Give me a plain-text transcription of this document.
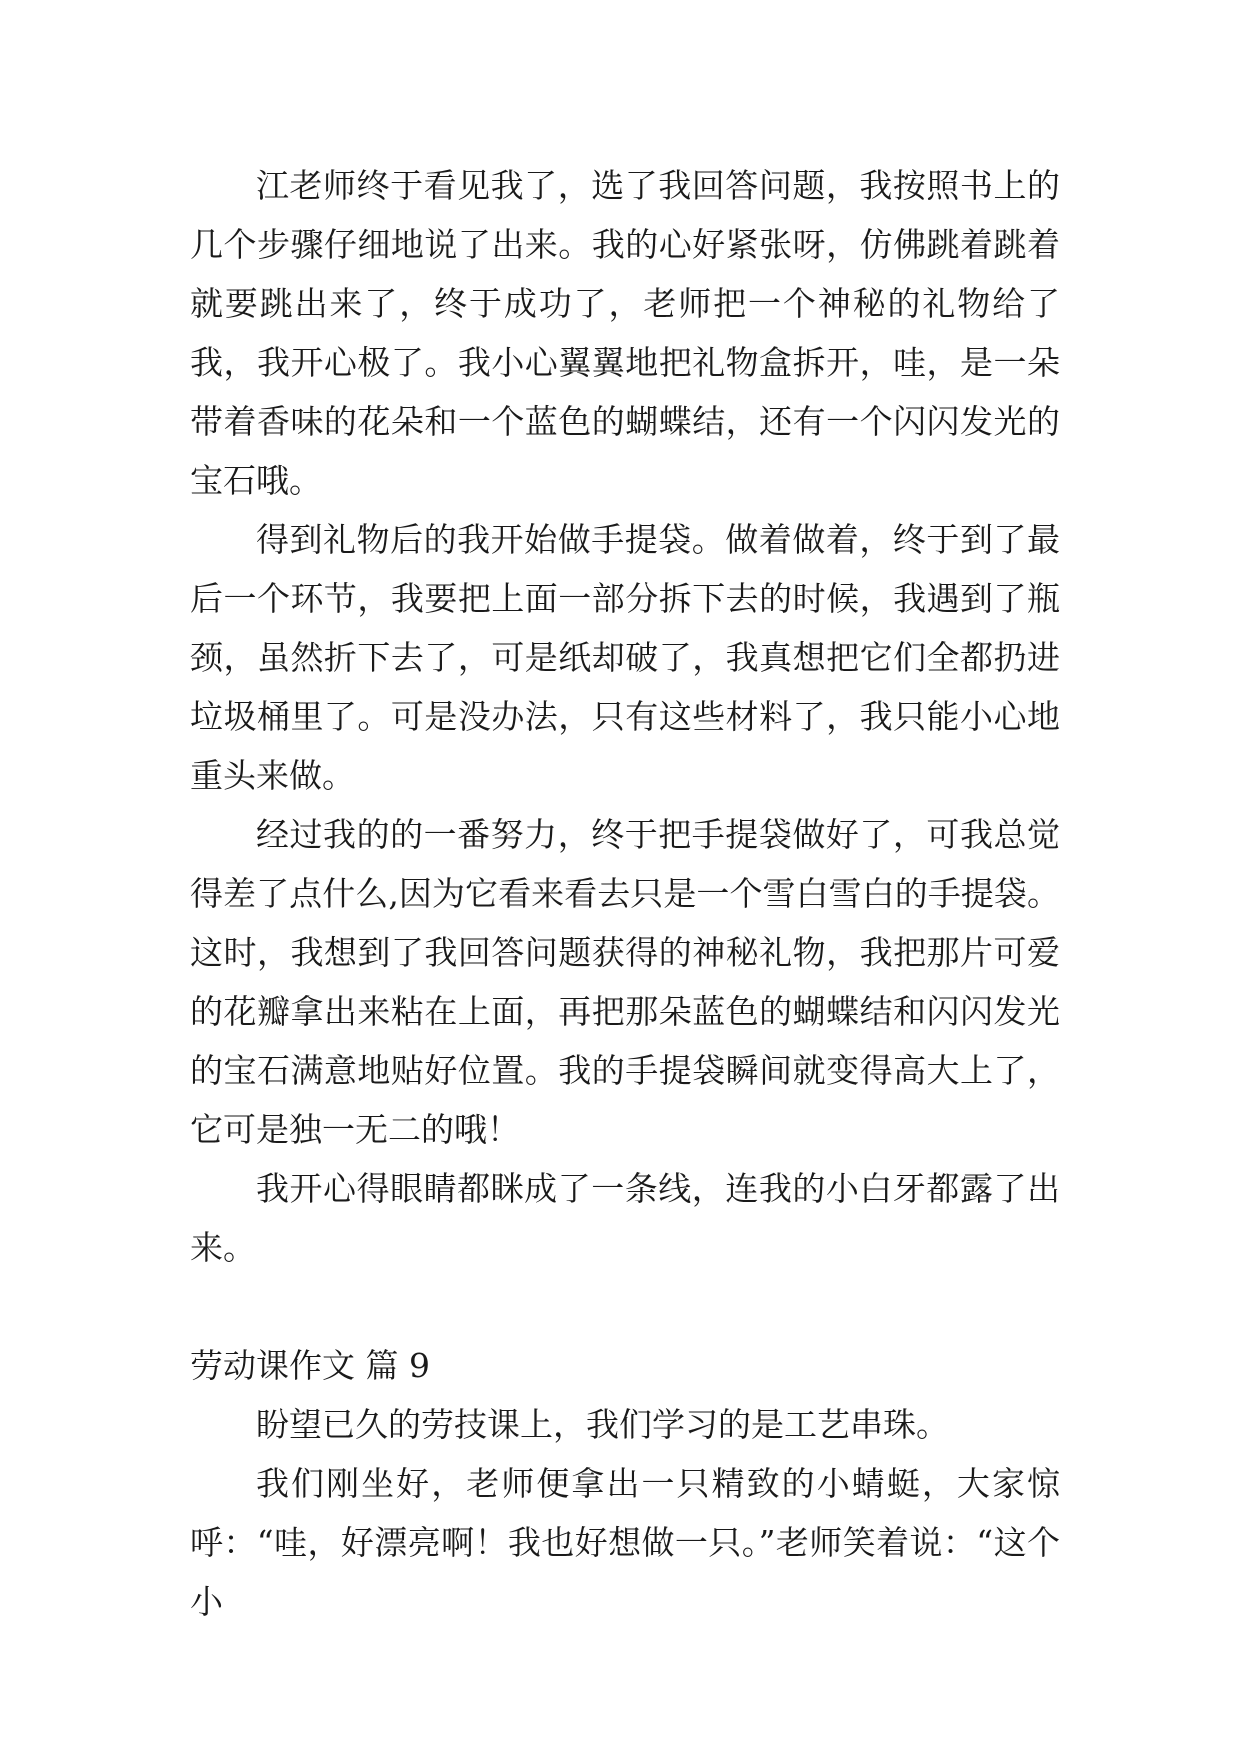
江老师终于看见我了，选了我回答问题，我按照书上的几个步骤仔细地说了出来。我的心好紧张呀，仿佛跳着跳着就要跳出来了，终于成功了，老师把一个神秘的礼物给了我，我开心极了。我小心翼翼地把礼物盒拆开，哇，是一朵带着香味的花朵和一个蓝色的蝴蝶结，还有一个闪闪发光的宝石哦。

得到礼物后的我开始做手提袋。做着做着，终于到了最后一个环节，我要把上面一部分拆下去的时候，我遇到了瓶颈，虽然折下去了，可是纸却破了，我真想把它们全都扔进垃圾桶里了。可是没办法，只有这些材料了，我只能小心地重头来做。

经过我的的一番努力，终于把手提袋做好了，可我总觉得差了点什么,因为它看来看去只是一个雪白雪白的手提袋。这时，我想到了我回答问题获得的神秘礼物，我把那片可爱的花瓣拿出来粘在上面，再把那朵蓝色的蝴蝶结和闪闪发光的宝石满意地贴好位置。我的手提袋瞬间就变得高大上了，它可是独一无二的哦！

我开心得眼睛都眯成了一条线，连我的小白牙都露了出来。

劳动课作文 篇 9

盼望已久的劳技课上，我们学习的是工艺串珠。

我们刚坐好，老师便拿出一只精致的小蜻蜓，大家惊呼：“哇，好漂亮啊！我也好想做一只。”老师笑着说：“这个小
